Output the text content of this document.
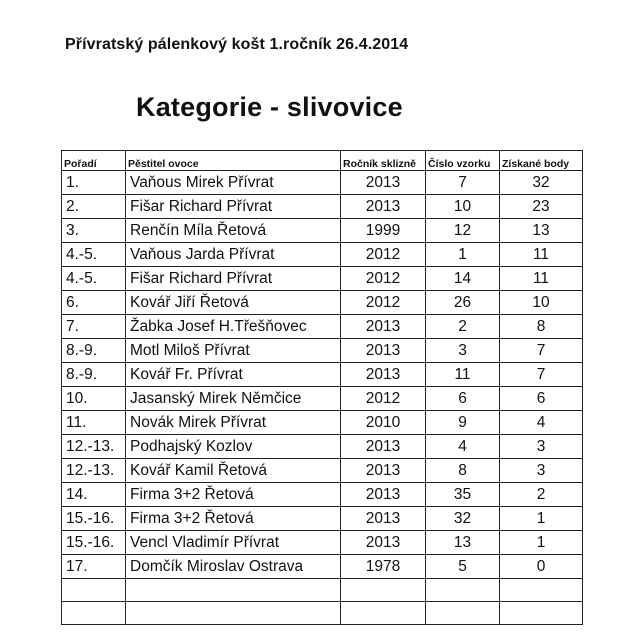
Přívratský pálenkový košt 1.ročník 26.4.2014
Kategorie - slivovice
Pořadí	Pěstitel ovoce	Ročník sklizně	Číslo vzorku	Získané body
1.	Vaňous Mirek Přívrat	2013	7	32
2.	Fišar Richard Přívrat	2013	10	23
3.	Renčín Míla Řetová	1999	12	13
4.-5.	Vaňous Jarda Přívrat	2012	1	11
4.-5.	Fišar Richard Přívrat	2012	14	11
6.	Kovář Jiří Řetová	2012	26	10
7.	Žabka Josef H.Třešňovec	2013	2	8
8.-9.	Motl Miloš Přívrat	2013	3	7
8.-9.	Kovář Fr. Přívrat	2013	11	7
10.	Jasanský Mirek Němčice	2012	6	6
11.	Novák Mirek Přívrat	2010	9	4
12.-13.	Podhajský Kozlov	2013	4	3
12.-13.	Kovář Kamil Řetová	2013	8	3
14.	Firma 3+2 Řetová	2013	35	2
15.-16.	Firma 3+2 Řetová	2013	32	1
15.-16.	Vencl Vladimír Přívrat	2013	13	1
17.	Domčík Miroslav Ostrava	1978	5	0
